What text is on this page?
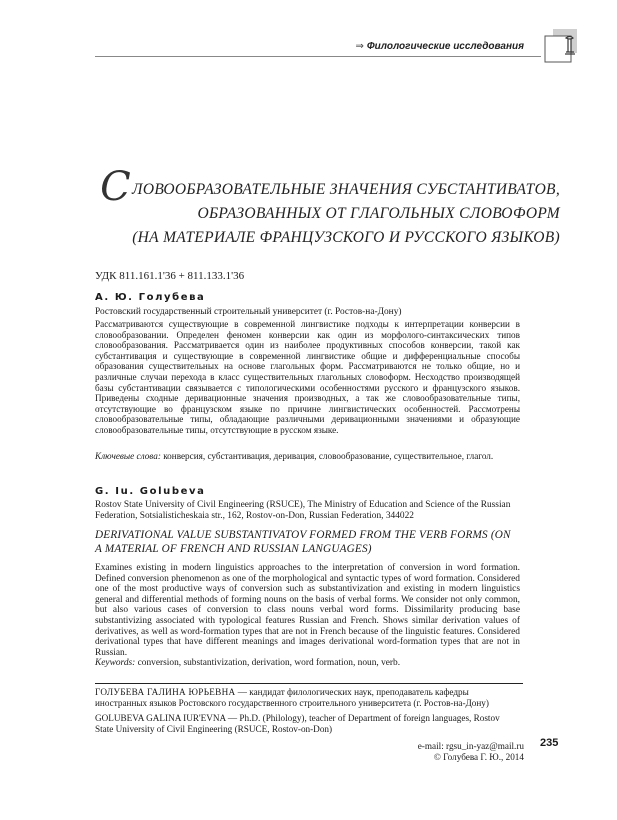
⇒ Филологические исследования
СЛОВООБРАЗОВАТЕЛЬНЫЕ ЗНАЧЕНИЯ СУБСТАНТИВАТОВ,
ОБРАЗОВАННЫХ ОТ ГЛАГОЛЬНЫХ СЛОВОФОРМ
(НА МАТЕРИАЛЕ ФРАНЦУЗСКОГО И РУССКОГО ЯЗЫКОВ)
УДК 811.161.1'36 + 811.133.1'36
А. Ю. Голубева
Ростовский государственный строительный университет (г. Ростов-на-Дону)
Рассматриваются существующие в современной лингвистике подходы к интерпретации конверсии в словообразовании. Определен феномен конверсии как один из морфолого-синтаксических типов словообразования. Рассматривается один из наиболее продуктивных способов конверсии, такой как субстантивация и существующие в современной лингвистике общие и дифференциальные способы образования существительных на основе глагольных форм. Рассматриваются не только общие, но и различные случаи перехода в класс существительных глагольных словоформ. Несходство производящей базы субстантивации связывается с типологическими особенностями русского и французского языков. Приведены сходные деривационные значения производных, а так же словообразовательные типы, отсутствующие во французском языке по причине лингвистических особенностей. Рассмотрены словообразовательные типы, обладающие различными деривационными значениями и образующие словообразовательные типы, отсутствующие в русском языке.
Ключевые слова: конверсия, субстантивация, деривация, словообразование, существительное, глагол.
G. Iu. Golubeva
Rostov State University of Civil Engineering (RSUCE), The Ministry of Education and Science of the Russian Federation, Sotsialisticheskaia str., 162, Rostov-on-Don, Russian Federation, 344022
DERIVATIONAL VALUE SUBSTANTIVATOV FORMED FROM THE VERB FORMS (ON A MATERIAL OF FRENCH AND RUSSIAN LANGUAGES)
Examines existing in modern linguistics approaches to the interpretation of conversion in word formation. Defined conversion phenomenon as one of the morphological and syntactic types of word formation. Considered one of the most productive ways of conversion such as substantivization and existing in modern linguistics general and differential methods of forming nouns on the basis of verbal forms. We consider not only common, but also various cases of conversion to class nouns verbal word forms. Dissimilarity producing base substantivizing associated with typological features Russian and French. Shows similar derivation values of derivatives, as well as word-formation types that are not in French because of the linguistic features. Considered derivational types that have different meanings and images derivational word-formation types that are not in Russian.
Keywords: conversion, substantivization, derivation, word formation, noun, verb.
ГОЛУБЕВА ГАЛИНА ЮРЬЕВНА — кандидат филологических наук, преподаватель кафедры иностранных языков Ростовского государственного строительного университета (г. Ростов-на-Дону)
GOLUBEVA GALINA IUR'EVNA — Ph.D. (Philology), teacher of Department of foreign languages, Rostov State University of Civil Engineering (RSUCE, Rostov-on-Don)
e-mail: rgsu_in-yaz@mail.ru
© Голубева Г. Ю., 2014
235
